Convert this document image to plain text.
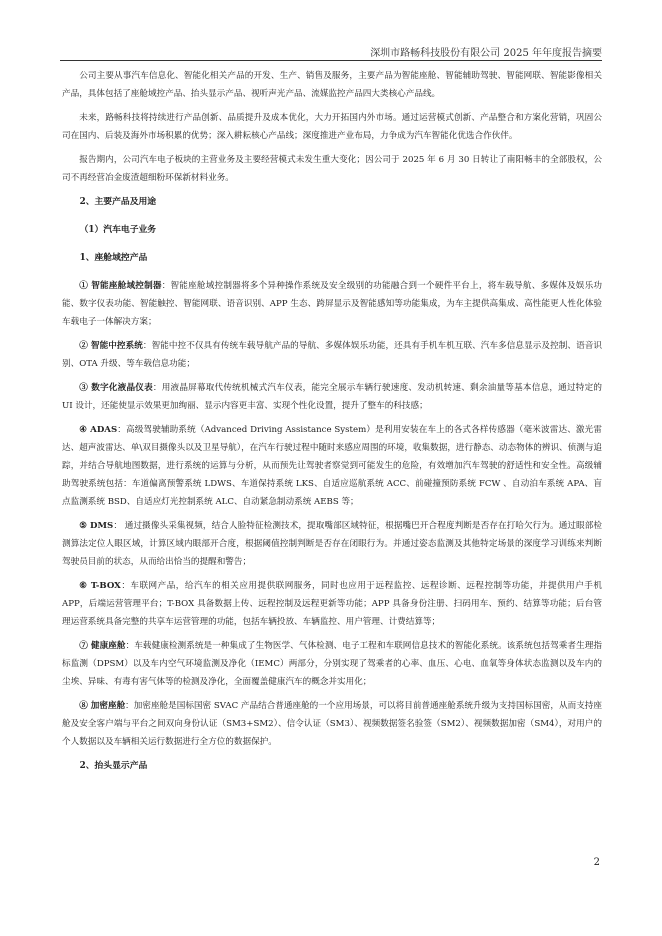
深圳市路畅科技股份有限公司 2025 年年度报告摘要

公司主要从事汽车信息化、智能化相关产品的开发、生产、销售及服务，主要产品为智能座舱、智能辅助驾驶、智能网联、智能影像相关产品，具体包括了座舱域控产品、抬头显示产品、视听声光产品、流媒监控产品四大类核心产品线。

未来，路畅科技将持续进行产品创新、品质提升及成本优化，大力开拓国内外市场。通过运营模式创新、产品整合和方案化营销，巩固公司在国内、后装及海外市场积累的优势；深入耕耘核心产品线；深度推进产业布局，力争成为汽车智能化优选合作伙伴。

报告期内，公司汽车电子板块的主营业务及主要经营模式未发生重大变化；因公司于 2025 年 6 月 30 日转让了南阳畅丰的全部股权，公司不再经营冶金废渣超细粉环保新材料业务。

2、主要产品及用途
（1）汽车电子业务
1、座舱域控产品

① 智能座舱域控制器：智能座舱域控制器将多个异种操作系统及安全级别的功能融合到一个硬件平台上，将车载导航、多媒体及娱乐功能、数字仪表功能、智能触控、智能网联、语音识别、APP 生态、跨屏显示及智能感知等功能集成，为车主提供高集成、高性能更人性化体验车载电子一体解决方案；

② 智能中控系统：智能中控不仅具有传统车载导航产品的导航、多媒体娱乐功能，还具有手机车机互联、汽车多信息显示及控制、语音识别、OTA 升级、等车载信息功能；

③ 数字化液晶仪表：用液晶屏幕取代传统机械式汽车仪表，能完全展示车辆行驶速度、发动机转速、剩余油量等基本信息，通过特定的 UI 设计，还能使显示效果更加绚丽、显示内容更丰富、实现个性化设置，提升了整车的科技感；

④ ADAS：高级驾驶辅助系统（Advanced Driving Assistance System）是利用安装在车上的各式各样传感器（毫米波雷达、激光雷达、超声波雷达、单\双目摄像头以及卫星导航），在汽车行驶过程中随时来感应周围的环境，收集数据，进行静态、动态物体的辨识、侦测与追踪，并结合导航地图数据，进行系统的运算与分析，从而预先让驾驶者察觉到可能发生的危险，有效增加汽车驾驶的舒适性和安全性。高级辅助驾驶系统包括：车道偏离预警系统 LDWS、车道保持系统 LKS、自适应巡航系统 ACC、前碰撞预防系统 FCW 、自动泊车系统 APA、盲点监测系统 BSD、自适应灯光控制系统 ALC、自动紧急制动系统 AEBS 等；

⑤ DMS： 通过摄像头采集视频，结合人脸特征检测技术，提取嘴部区域特征，根据嘴巴开合程度判断是否存在打哈欠行为。通过眼部检测算法定位人眼区域，计算区域内眼部开合度，根据阈值控制判断是否存在闭眼行为。并通过姿态监测及其他特定场景的深度学习训练来判断驾驶员目前的状态，从而给出恰当的提醒和警告；

⑥ T-BOX：车联网产品，给汽车的相关应用提供联网服务，同时也应用于远程监控、远程诊断、远程控制等功能，并提供用户手机 APP，后端运营管理平台；T-BOX 具备数据上传、远程控制及远程更新等功能；APP 具备身份注册、扫码用车、预约、结算等功能；后台管理运营系统具备完整的共享车运营管理的功能，包括车辆投放、车辆监控、用户管理、计费结算等；

⑦ 健康座舱：车载健康检测系统是一种集成了生物医学、气体检测、电子工程和车联网信息技术的智能化系统。该系统包括驾乘者生理指标监测（DPSM）以及车内空气环境监测及净化（IEMC）两部分，分别实现了驾乘者的心率、血压、心电、血氧等身体状态监测以及车内的尘埃、异味、有毒有害气体等的检测及净化，全面覆盖健康汽车的概念并实用化；

⑧ 加密座舱：加密座舱是国标国密 SVAC 产品结合普通座舱的一个应用场景，可以将目前普通座舱系统升级为支持国标国密，从而支持座舱及安全客户端与平台之间双向身份认证（SM3+SM2）、信令认证（SM3）、视频数据签名验签（SM2）、视频数据加密（SM4），对用户的个人数据以及车辆相关运行数据进行全方位的数据保护。

2、抬头显示产品
2
